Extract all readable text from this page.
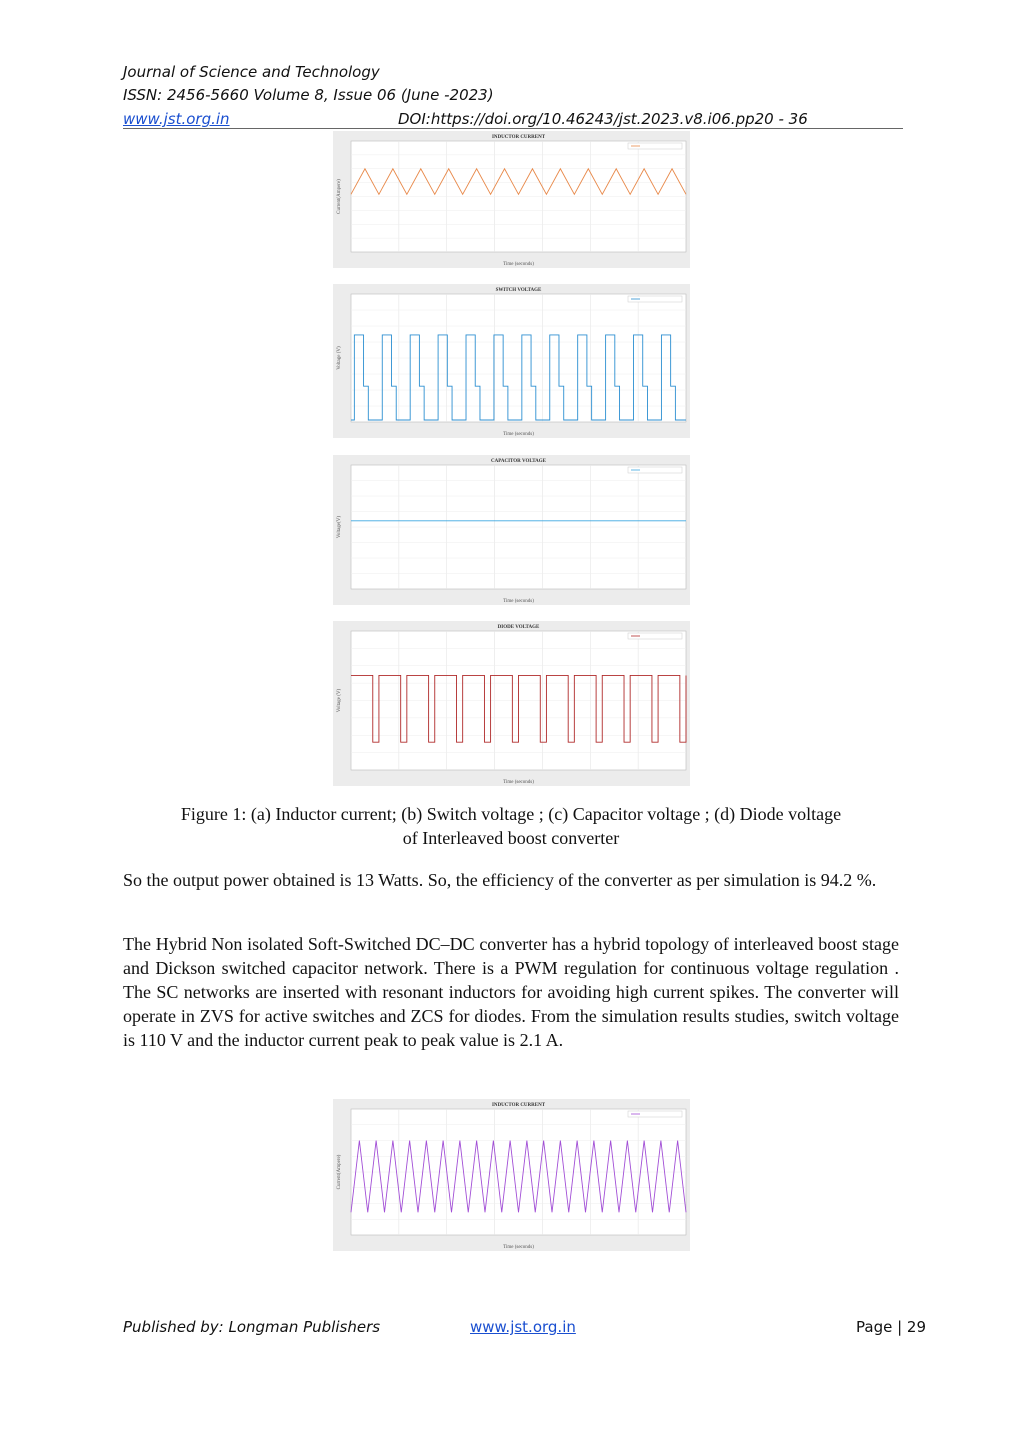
Journal of Science and Technology
ISSN: 2456-5660 Volume 8, Issue 06 (June -2023)
www.jst.org.in	DOI:https://doi.org/10.46243/jst.2023.v8.i06.pp20 - 36
INDUCTOR CURRENT
Time (seconds)
Current(Ampere)
SWITCH VOLTAGE
Time (seconds)
Voltage (V)
CAPACITOR VOLTAGE
Time (seconds)
Voltage(V)
DIODE VOLTAGE
Time (seconds)
Voltage (V)
Figure 1: (a) Inductor current; (b) Switch voltage ; (c) Capacitor voltage ; (d) Diode voltage
of Interleaved boost converter
So the output power obtained is 13 Watts. So, the efficiency of the converter as per simulation is 94.2 %.
The Hybrid Non isolated Soft-Switched DC–DC converter has a hybrid topology of interleaved boost stage and Dickson switched capacitor network. There is a PWM regulation for continuous voltage regulation . The SC networks are inserted with resonant inductors for avoiding high current spikes. The converter will operate in ZVS for active switches and ZCS for diodes. From the simulation results studies, switch voltage is 110 V and the inductor current peak to peak value is 2.1 A.
INDUCTOR CURRENT
Time (seconds)
Current(Ampere)
Published by: Longman Publishers	www.jst.org.in	Page | 29
